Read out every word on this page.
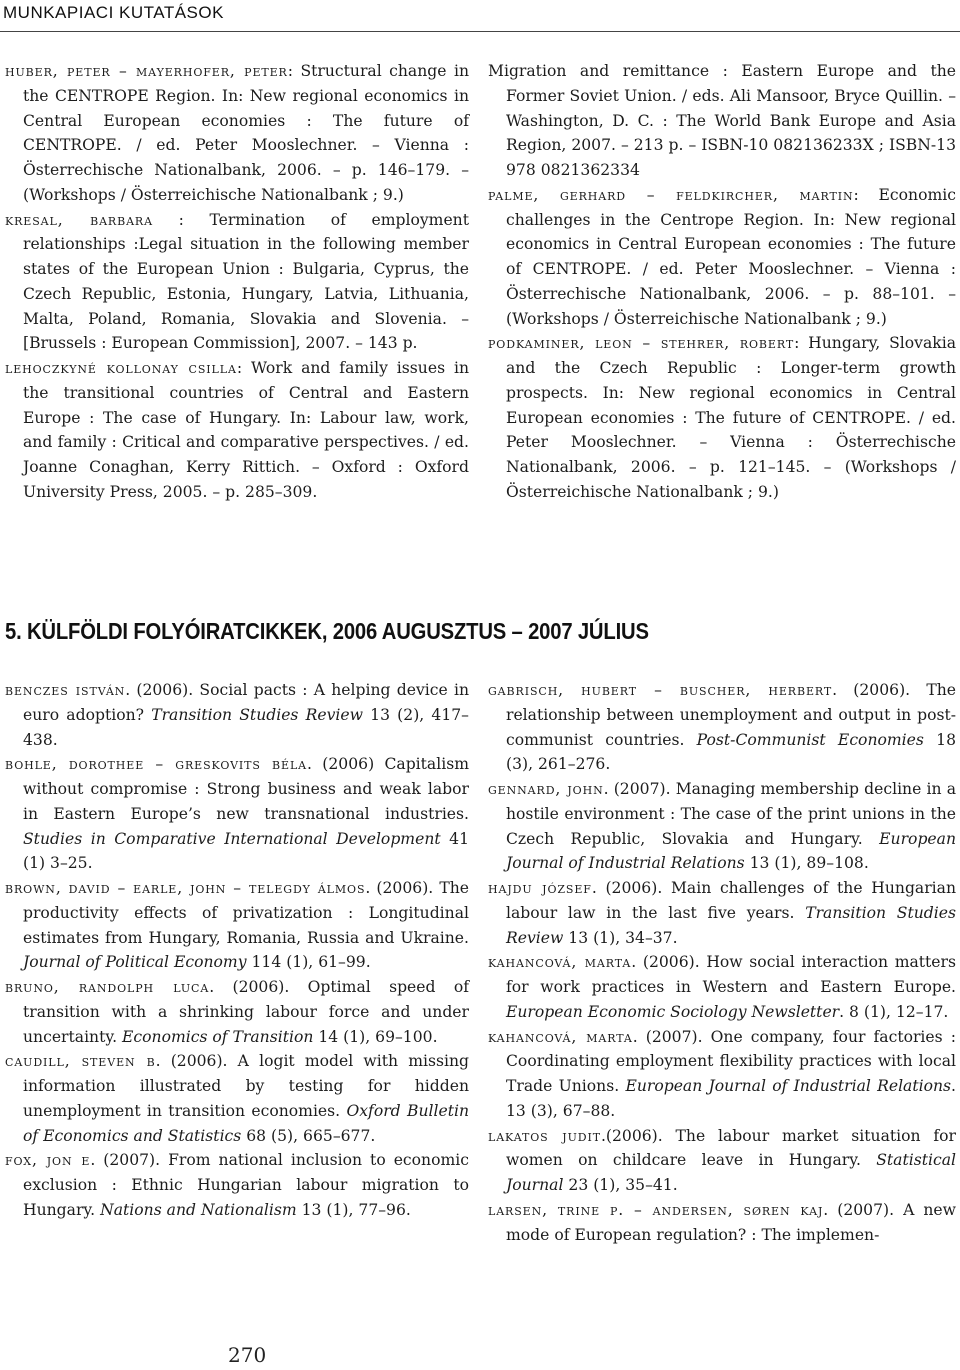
MUNKAPIACI KUTATÁSOK

huber, peter – mayerhofer, peter: Structural change in the CENTROPE Region. In: New regional economics in Central European economies : The future of CENTROPE. / ed. Peter Mooslechner. – Vienna : Österrechische Nationalbank, 2006. – p. 146–179. – (Workshops / Österreichische Nationalbank ; 9.)

kresal, barbara : Termination of employment relationships :Legal situation in the following member states of the European Union : Bulgaria, Cyprus, the Czech Republic, Estonia, Hungary, Latvia, Lithuania, Malta, Poland, Romania, Slovakia and Slovenia. – [Brussels : European Commission], 2007. – 143 p.

lehoczkyné kollonay csilla: Work and family issues in the transitional countries of Central and Eastern Europe : The case of Hungary. In: Labour law, work, and family : Critical and comparative perspectives. / ed. Joanne Conaghan, Kerry Rittich. – Oxford : Oxford University Press, 2005. – p. 285–309.

Migration and remittance : Eastern Europe and the Former Soviet Union. / eds. Ali Mansoor, Bryce Quillin. – Washington, D. C. : The World Bank Europe and Asia Region, 2007. – 213 p. – ISBN-10 082136233X ; ISBN-13 978 0821362334

palme, gerhard – feldkircher, martin: Economic challenges in the Centrope Region. In: New regional economics in Central European economies : The future of CENTROPE. / ed. Peter Mooslechner. – Vienna : Österrechische Nationalbank, 2006. – p. 88–101. – (Workshops / Österreichische Nationalbank ; 9.)

podkaminer, leon – stehrer, robert: Hungary, Slovakia and the Czech Republic : Longer-term growth prospects. In: New regional economics in Central European economies : The future of CENTROPE. / ed. Peter Mooslechner. – Vienna : Österrechische Nationalbank, 2006. – p. 121–145. – (Workshops / Österreichische Nationalbank ; 9.)

5. KÜLFÖLDI FOLYÓIRATCIKKEK, 2006 AUGUSZTUS – 2007 JÚLIUS

benczes istván. (2006). Social pacts : A helping device in euro adoption? Transition Studies Review 13 (2), 417–438.

bohle, dorothee – greskovits béla. (2006) Capitalism without compromise : Strong business and weak labor in Eastern Europe’s new transnational industries. Studies in Comparative International Development 41 (1) 3–25.

brown, david – earle, john – telegdy álmos. (2006). The productivity effects of privatization : Longitudinal estimates from Hungary, Romania, Russia and Ukraine. Journal of Political Economy 114 (1), 61–99.

bruno, randolph luca. (2006). Optimal speed of transition with a shrinking labour force and under uncertainty. Economics of Transition 14 (1), 69–100.

caudill, steven b. (2006). A logit model with missing information illustrated by testing for hidden unemployment in transition economies. Oxford Bulletin of Economics and Statistics 68 (5), 665–677.

fox, jon e. (2007). From national inclusion to economic exclusion : Ethnic Hungarian labour migration to Hungary. Nations and Nationalism 13 (1), 77–96.

gabrisch, hubert – buscher, herbert. (2006). The relationship between unemployment and output in post-communist countries. Post-Communist Economies 18 (3), 261–276.

gennard, john. (2007). Managing membership decline in a hostile environment : The case of the print unions in the Czech Republic, Slovakia and Hungary. European Journal of Industrial Relations 13 (1), 89–108.

hajdu józsef. (2006). Main challenges of the Hungarian labour law in the last five years. Transition Studies Review 13 (1), 34–37.

kahancová, marta. (2006). How social interaction matters for work practices in Western and Eastern Europe. European Economic Sociology Newsletter. 8 (1), 12–17.

kahancová, marta. (2007). One company, four factories : Coordinating employment flexibility practices with local Trade Unions. European Journal of Industrial Relations. 13 (3), 67–88.

lakatos judit.(2006). The labour market situation for women on childcare leave in Hungary. Statistical Journal 23 (1), 35–41.

larsen, trine p. – andersen, søren kaj. (2007). A new mode of European regulation? : The implemen-

270
